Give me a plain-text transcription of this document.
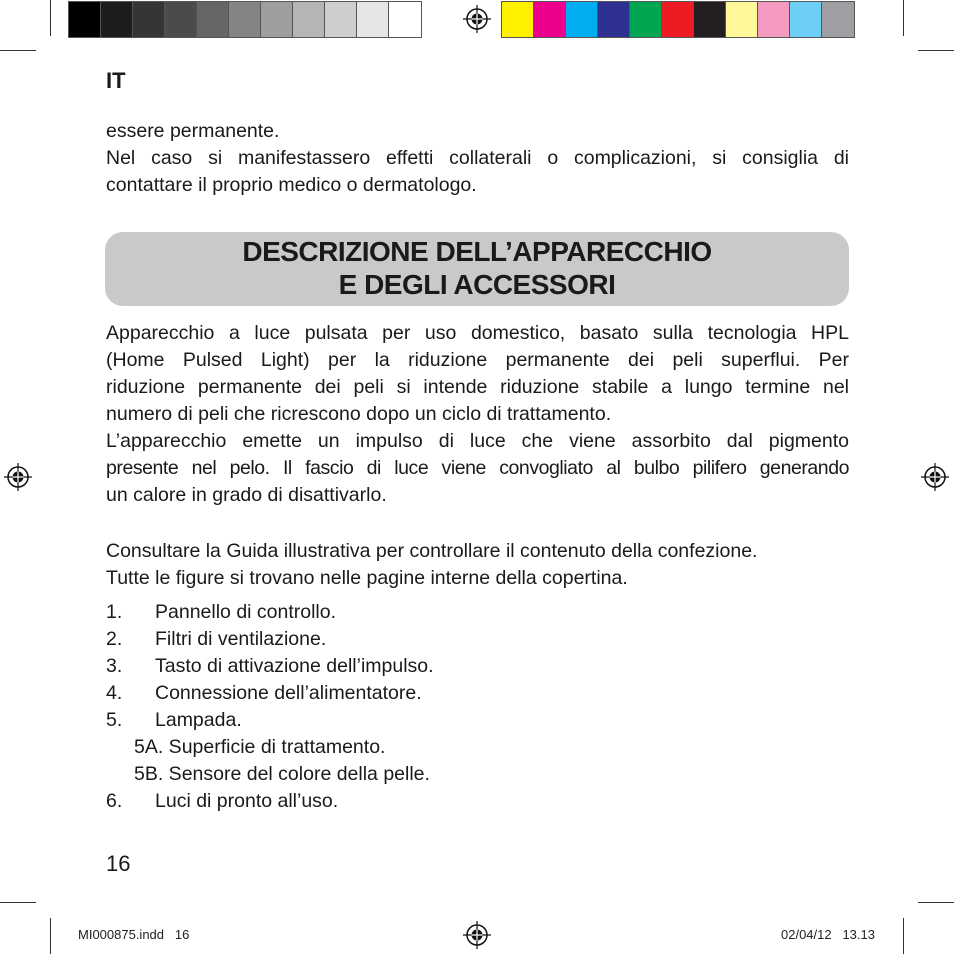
IT

essere permanente.
Nel caso si manifestassero effetti collaterali o complicazioni, si consiglia di
contattare il proprio medico o dermatologo.

DESCRIZIONE DELL’APPARECCHIO
E DEGLI ACCESSORI

Apparecchio a luce pulsata per uso domestico, basato sulla tecnologia HPL
(Home Pulsed Light) per la riduzione permanente dei peli superflui. Per
riduzione permanente dei peli si intende riduzione stabile a lungo termine nel
numero di peli che ricrescono dopo un ciclo di trattamento.
L’apparecchio emette un impulso di luce che viene assorbito dal pigmento
presente nel pelo. Il fascio di luce viene convogliato al bulbo pilifero generando
un calore in grado di disattivarlo.

Consultare la Guida illustrativa per controllare il contenuto della confezione.
Tutte le figure si trovano nelle pagine interne della copertina.

1. Pannello di controllo.
2. Filtri di ventilazione.
3. Tasto di attivazione dell’impulso.
4. Connessione dell’alimentatore.
5. Lampada.
5A. Superficie di trattamento.
5B. Sensore del colore della pelle.
6. Luci di pronto all’uso.
16
MI000875.indd   16	02/04/12   13.13
